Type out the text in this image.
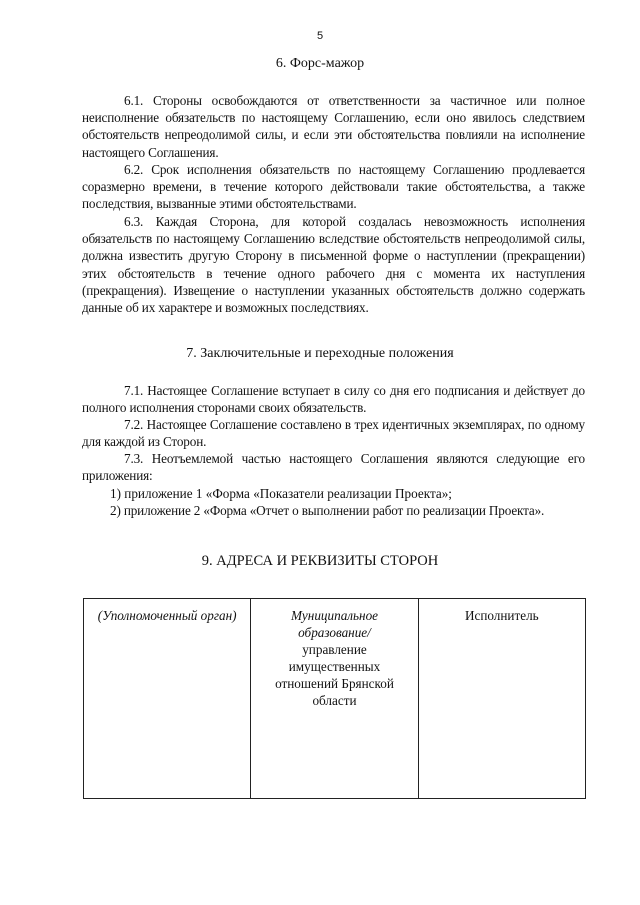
5
6. Форс-мажор

6.1. Стороны освобождаются от ответственности за частичное или полное неисполнение обязательств по настоящему Соглашению, если оно явилось следствием обстоятельств непреодолимой силы, и если эти обстоятельства повлияли на исполнение настоящего Соглашения.

6.2. Срок исполнения обязательств по настоящему Соглашению продлевается соразмерно времени, в течение которого действовали такие обстоятельства, а также последствия, вызванные этими обстоятельствами.

6.3. Каждая Сторона, для которой создалась невозможность исполнения обязательств по настоящему Соглашению вследствие обстоятельств непреодолимой силы, должна известить другую Сторону в письменной форме о наступлении (прекращении) этих обстоятельств в течение одного рабочего дня с момента их наступления (прекращения). Извещение о наступлении указанных обстоятельств должно содержать данные об их характере и возможных последствиях.

7. Заключительные и переходные положения

7.1. Настоящее Соглашение вступает в силу со дня его подписания и действует до полного исполнения сторонами своих обязательств.

7.2. Настоящее Соглашение составлено в трех идентичных экземплярах, по одному для каждой из Сторон.

7.3. Неотъемлемой частью настоящего Соглашения являются следующие его приложения:

1) приложение 1 «Форма «Показатели реализации Проекта»;

2) приложение 2 «Форма «Отчет о выполнении работ по реализации Проекта».

9. АДРЕСА И РЕКВИЗИТЫ СТОРОН
(Уполномоченный орган)	Муниципальное образование/
управление имущественных отношений Брянской области
Исполнитель
